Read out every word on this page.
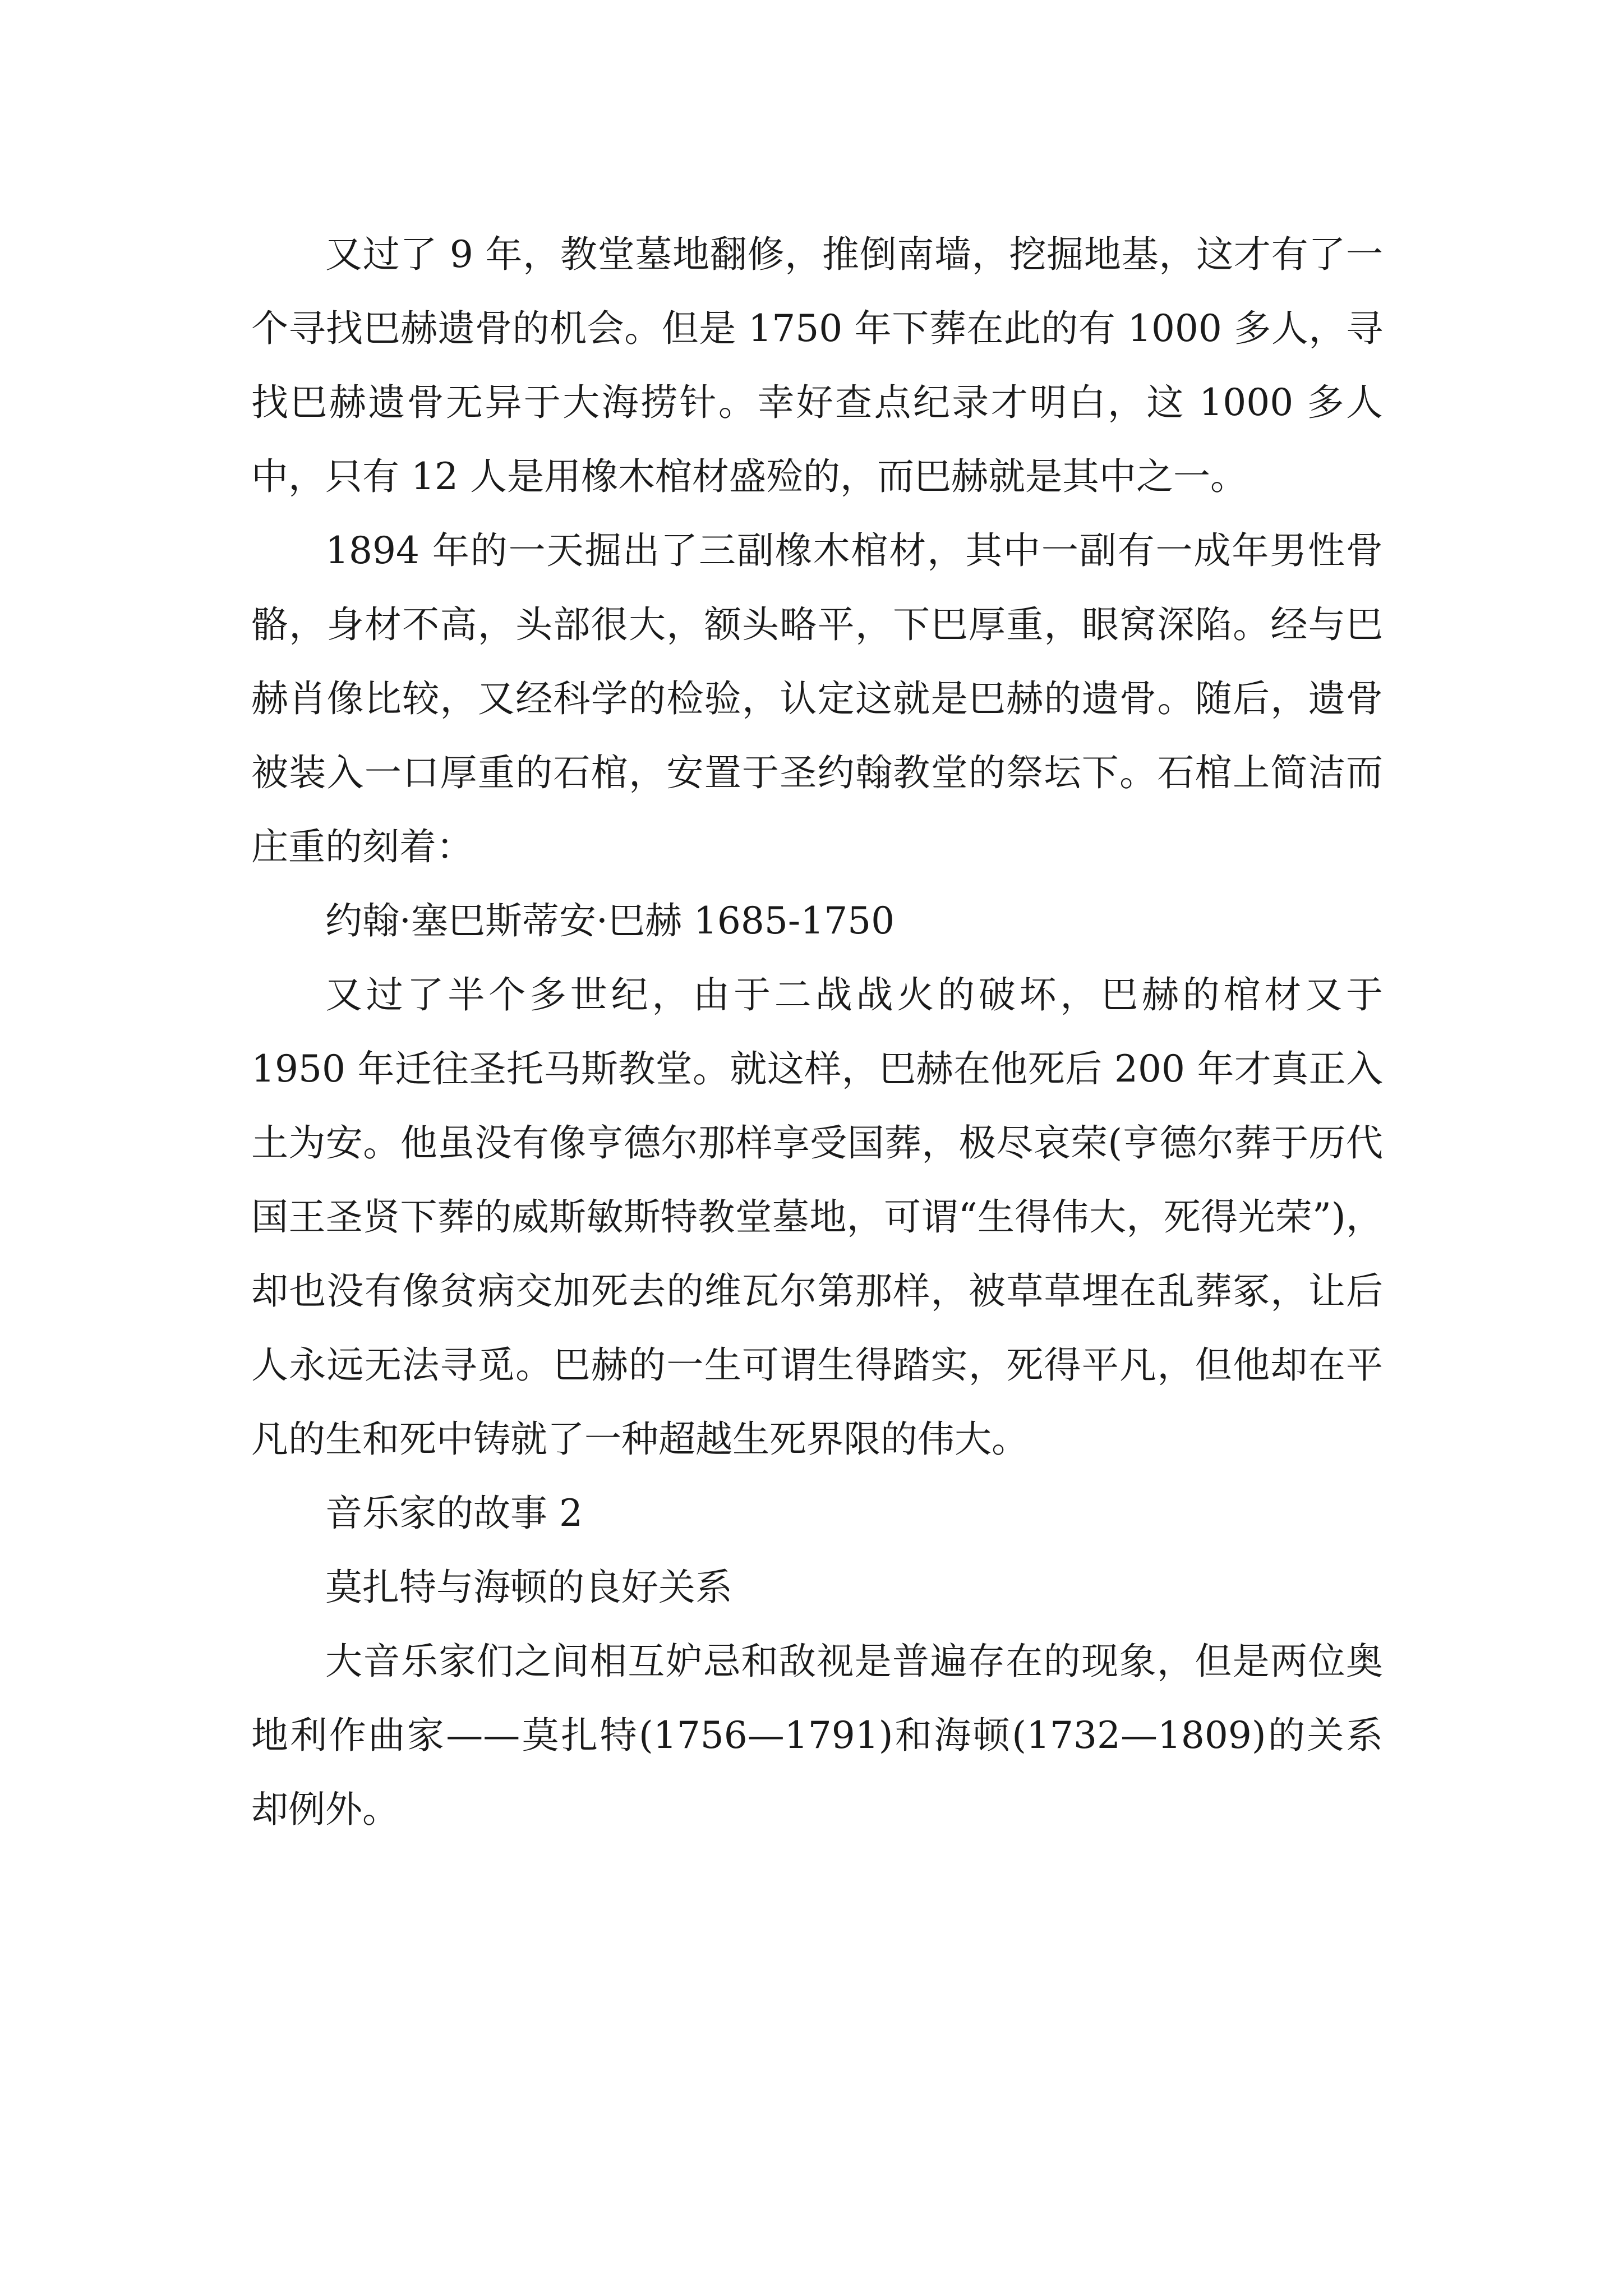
又过了 9 年，教堂墓地翻修，推倒南墙，挖掘地基，这才有了一个寻找巴赫遗骨的机会。但是 1750 年下葬在此的有 1000 多人，寻找巴赫遗骨无异于大海捞针。幸好查点纪录才明白，这 1000 多人中，只有 12 人是用橡木棺材盛殓的，而巴赫就是其中之一。

1894 年的一天掘出了三副橡木棺材，其中一副有一成年男性骨骼，身材不高，头部很大，额头略平，下巴厚重，眼窝深陷。经与巴赫肖像比较，又经科学的检验，认定这就是巴赫的遗骨。随后，遗骨被装入一口厚重的石棺，安置于圣约翰教堂的祭坛下。石棺上简洁而庄重的刻着：

约翰·塞巴斯蒂安·巴赫 1685-1750

又过了半个多世纪，由于二战战火的破坏，巴赫的棺材又于 1950 年迁往圣托马斯教堂。就这样，巴赫在他死后 200 年才真正入土为安。他虽没有像亨德尔那样享受国葬，极尽哀荣(亨德尔葬于历代国王圣贤下葬的威斯敏斯特教堂墓地，可谓“生得伟大，死得光荣”)，却也没有像贫病交加死去的维瓦尔第那样，被草草埋在乱葬冢，让后人永远无法寻觅。巴赫的一生可谓生得踏实，死得平凡，但他却在平凡的生和死中铸就了一种超越生死界限的伟大。

音乐家的故事 2

莫扎特与海顿的良好关系

大音乐家们之间相互妒忌和敌视是普遍存在的现象，但是两位奥地利作曲家——莫扎特(1756—1791)和海顿(1732—1809)的关系却例外。
